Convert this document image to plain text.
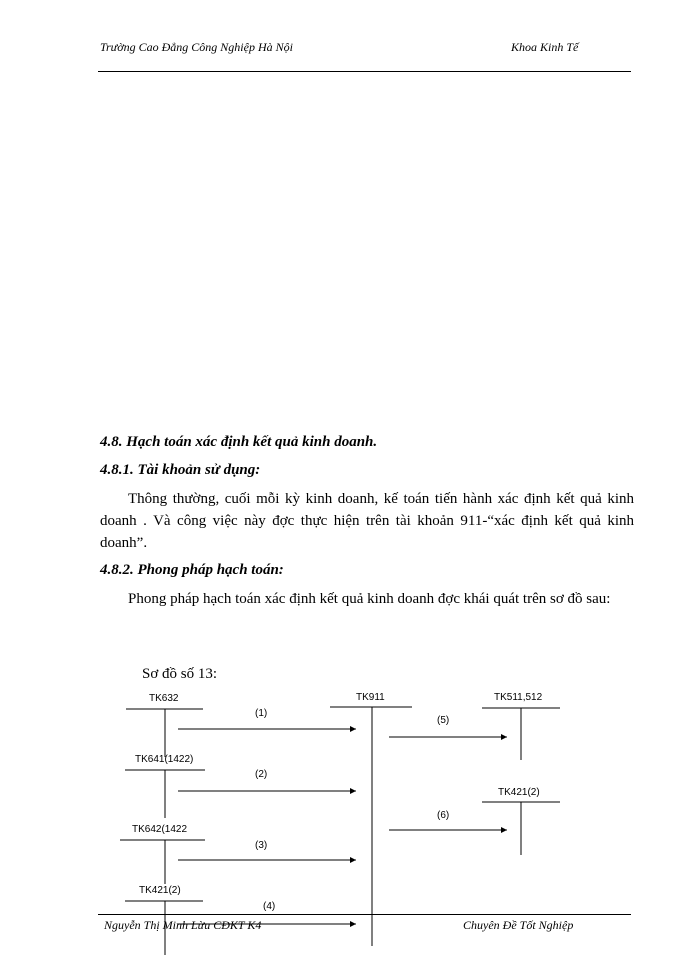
Trường Cao Đẳng Công Nghiệp Hà Nội	Khoa Kinh Tế
4.8. Hạch toán xác định kết quả kinh doanh.
4.8.1. Tài khoản sử dụng:

Thông thường, cuối mỗi kỳ kinh doanh, kế toán tiến hành xác định kết quả kinh doanh . Và công việc này đợc thực hiện trên tài khoản 911-“xác định kết quả kinh doanh”.

4.8.2. Phong pháp hạch toán:

Phong pháp hạch toán xác định kết quả kinh doanh đợc khái quát trên sơ đồ sau:

Sơ đồ số 13:
TK632	TK911	TK511,512
TK641(1422)
TK421(2)
TK642(1422
TK421(2)
(1)
(2)
(3)
(4)
(5)
(6)
Nguyễn Thị Minh Lừu CĐKT K4	Chuyên Đề Tốt Nghiệp
